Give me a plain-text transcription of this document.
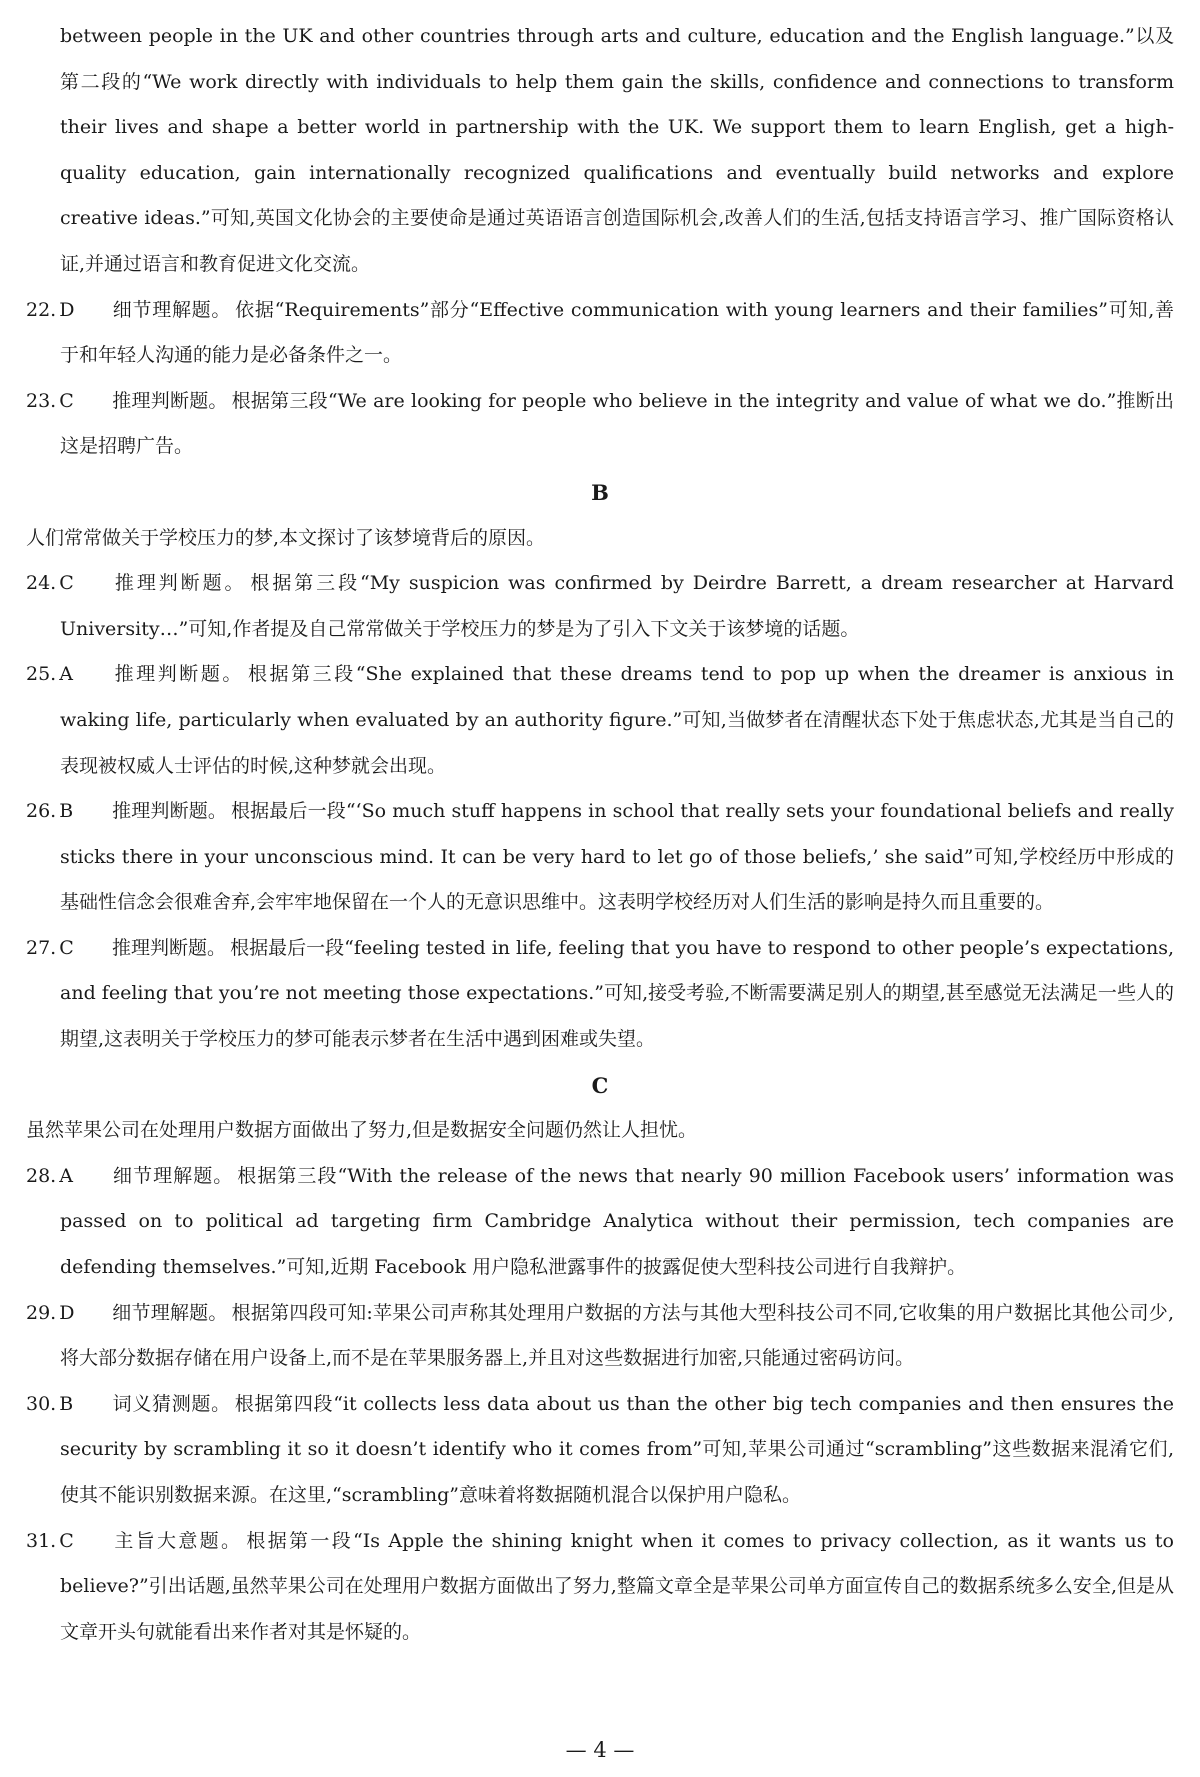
between people in the UK and other countries through arts and culture, education and the English language.”以及第二段的“We work directly with individuals to help them gain the skills, confidence and connections to transform their lives and shape a better world in partnership with the UK. We support them to learn English, get a high-quality education, gain internationally recognized qualifications and eventually build networks and explore creative ideas.”可知,英国文化协会的主要使命是通过英语语言创造国际机会,改善人们的生活,包括支持语言学习、推广国际资格认证,并通过语言和教育促进文化交流。

22. D 细节理解题。 依据“Requirements”部分“Effective communication with young learners and their families”可知,善于和年轻人沟通的能力是必备条件之一。

23. C 推理判断题。 根据第三段“We are looking for people who believe in the integrity and value of what we do.”推断出这是招聘广告。

B

人们常常做关于学校压力的梦,本文探讨了该梦境背后的原因。

24. C 推理判断题。 根据第三段“My suspicion was confirmed by Deirdre Barrett, a dream researcher at Harvard University…”可知,作者提及自己常常做关于学校压力的梦是为了引入下文关于该梦境的话题。

25. A 推理判断题。 根据第三段“She explained that these dreams tend to pop up when the dreamer is anxious in waking life, particularly when evaluated by an authority figure.”可知,当做梦者在清醒状态下处于焦虑状态,尤其是当自己的表现被权威人士评估的时候,这种梦就会出现。

26. B 推理判断题。 根据最后一段“‘So much stuff happens in school that really sets your foundational beliefs and really sticks there in your unconscious mind. It can be very hard to let go of those beliefs,’ she said”可知,学校经历中形成的基础性信念会很难舍弃,会牢牢地保留在一个人的无意识思维中。这表明学校经历对人们生活的影响是持久而且重要的。

27. C 推理判断题。 根据最后一段“feeling tested in life, feeling that you have to respond to other people’s expectations, and feeling that you’re not meeting those expectations.”可知,接受考验,不断需要满足别人的期望,甚至感觉无法满足一些人的期望,这表明关于学校压力的梦可能表示梦者在生活中遇到困难或失望。

C

虽然苹果公司在处理用户数据方面做出了努力,但是数据安全问题仍然让人担忧。

28. A 细节理解题。 根据第三段“With the release of the news that nearly 90 million Facebook users’ information was passed on to political ad targeting firm Cambridge Analytica without their permission, tech companies are defending themselves.”可知,近期 Facebook 用户隐私泄露事件的披露促使大型科技公司进行自我辩护。

29. D 细节理解题。 根据第四段可知:苹果公司声称其处理用户数据的方法与其他大型科技公司不同,它收集的用户数据比其他公司少,将大部分数据存储在用户设备上,而不是在苹果服务器上,并且对这些数据进行加密,只能通过密码访问。

30. B 词义猜测题。 根据第四段“it collects less data about us than the other big tech companies and then ensures the security by scrambling it so it doesn’t identify who it comes from”可知,苹果公司通过“scrambling”这些数据来混淆它们,使其不能识别数据来源。在这里,“scrambling”意味着将数据随机混合以保护用户隐私。

31. C 主旨大意题。 根据第一段“Is Apple the shining knight when it comes to privacy collection, as it wants us to believe?”引出话题,虽然苹果公司在处理用户数据方面做出了努力,整篇文章全是苹果公司单方面宣传自己的数据系统多么安全,但是从文章开头句就能看出来作者对其是怀疑的。

— 4 —
